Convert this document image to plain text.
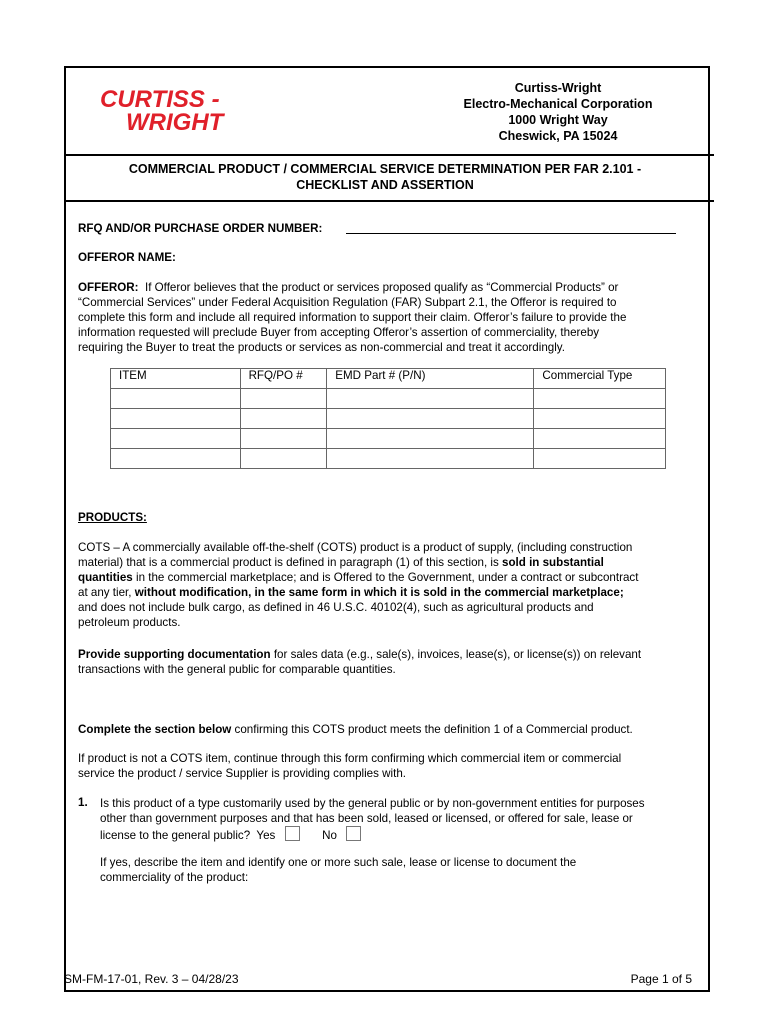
CURTISS -
WRIGHT
Curtiss-Wright
Electro-Mechanical Corporation
1000 Wright Way
Cheswick, PA 15024
COMMERCIAL PRODUCT / COMMERCIAL SERVICE DETERMINATION PER FAR 2.101 -
CHECKLIST AND ASSERTION
RFQ AND/OR PURCHASE ORDER NUMBER:
OFFEROR NAME:
OFFEROR: If Offeror believes that the product or services proposed qualify as “Commercial Products” or
“Commercial Services” under Federal Acquisition Regulation (FAR) Subpart 2.1, the Offeror is required to
complete this form and include all required information to support their claim. Offeror’s failure to provide the
information requested will preclude Buyer from accepting Offeror’s assertion of commerciality, thereby
requiring the Buyer to treat the products or services as non-commercial and treat it accordingly.
ITEM	RFQ/PO #	EMD Part # (P/N)	Commercial Type

PRODUCTS:
COTS – A commercially available off-the-shelf (COTS) product is a product of supply, (including construction
material) that is a commercial product is defined in paragraph (1) of this section, is sold in substantial
quantities in the commercial marketplace; and is Offered to the Government, under a contract or subcontract
at any tier, without modification, in the same form in which it is sold in the commercial marketplace;
and does not include bulk cargo, as defined in 46 U.S.C. 40102(4), such as agricultural products and
petroleum products.
Provide supporting documentation for sales data (e.g., sale(s), invoices, lease(s), or license(s)) on relevant
transactions with the general public for comparable quantities.
Complete the section below confirming this COTS product meets the definition 1 of a Commercial product.
If product is not a COTS item, continue through this form confirming which commercial item or commercial
service the product / service Supplier is providing complies with.
1. Is this product of a type customarily used by the general public or by non-government entities for purposes
other than government purposes and that has been sold, leased or licensed, or offered for sale, lease or
license to the general public? Yes	No
If yes, describe the item and identify one or more such sale, lease or license to document the
commerciality of the product:
SM-FM-17-01, Rev. 3 – 04/28/23	Page 1 of 5
